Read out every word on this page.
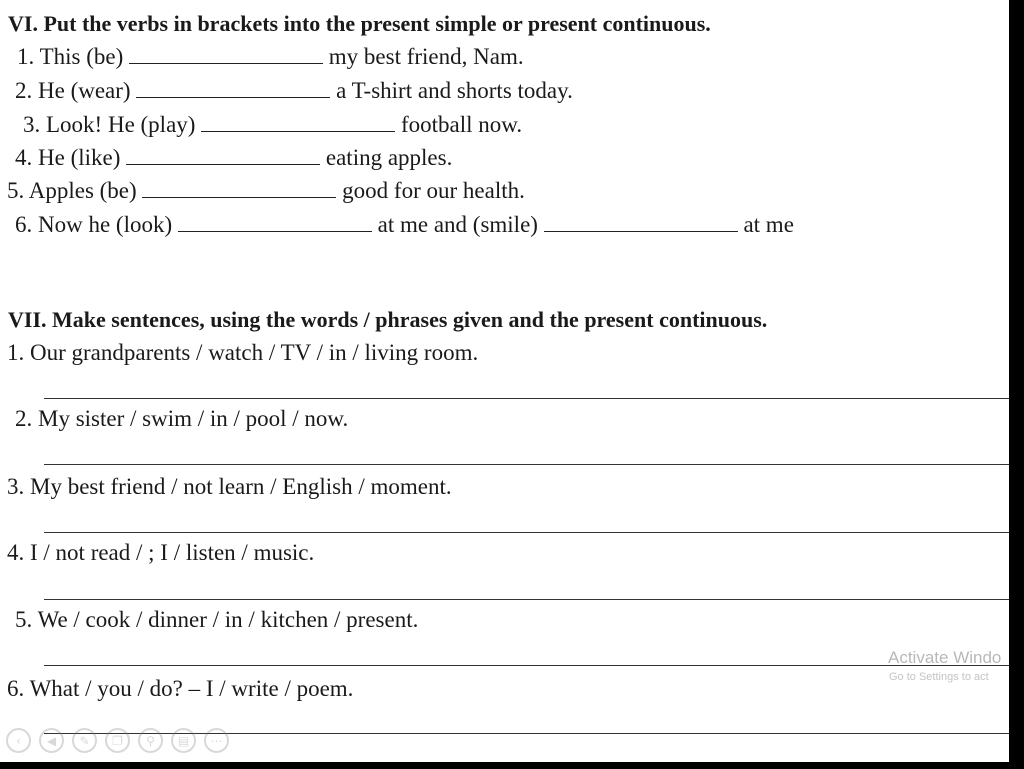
VI. Put the verbs in brackets into the present simple or present continuous.
1. This (be)	my best friend, Nam.
2. He (wear)	a T-shirt and shorts today.
3. Look! He (play)	football now.
4. He (like)	eating apples.
5. Apples (be)	good for our health.
6. Now he (look)	at me and (smile)	at me
VII. Make sentences, using the words / phrases given and the present continuous.
1. Our grandparents / watch / TV / in / living room.
2. My sister / swim / in / pool / now.
3. My best friend / not learn / English / moment.
4. I / not read / ; I / listen / music.
5. We / cook / dinner / in / kitchen / present.
6. What / you / do? – I / write / poem.
Activate Windo
Go to Settings to act
‹	◀	✎	❐	⚲	▤	⋯
